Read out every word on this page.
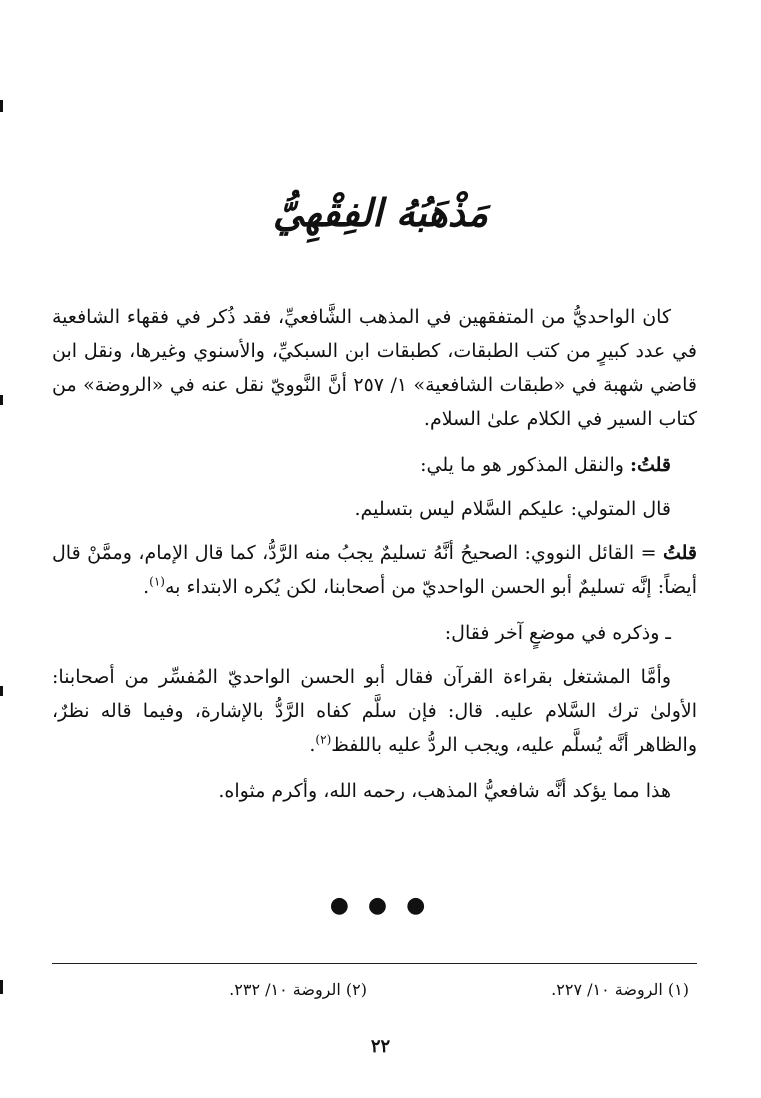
مَذْهَبُهُ الفِقْهِيُّ

كان الواحديُّ من المتفقهين في المذهب الشَّافعيِّ، فقد ذُكر في فقهاء الشافعية في عدد كبيرٍ من كتب الطبقات، كطبقات ابن السبكيِّ، والأسنوي وغيرها، ونقل ابن قاضي شهبة في «طبقات الشافعية» ١/ ٢٥٧ أنَّ النَّوويّ نقل عنه في «الروضة» من كتاب السير في الكلام علىٰ السلام.

قلتُ: والنقل المذكور هو ما يلي:

قال المتولي: عليكم السَّلام ليس بتسليم.

قلتُ = القائل النووي: الصحيحُ أنَّهُ تسليمٌ يجبُ منه الرَّدُّ، كما قال الإمام، وممَّنْ قال أيضاً: إنَّه تسليمٌ أبو الحسن الواحديّ من أصحابنا، لكن يُكره الابتداء به$^{(١)}$.

ـ وذكره في موضعٍ آخر فقال:

وأمَّا المشتغل بقراءة القرآن فقال أبو الحسن الواحديّ المُفسِّر من أصحابنا: الأولىٰ ترك السَّلام عليه. قال: فإن سلَّم كفاه الرَّدُّ بالإشارة، وفيما قاله نظرٌ، والظاهر أنَّه يُسلَّم عليه، ويجب الردُّ عليه باللفظ$^{(٢)}$.

هذا مما يؤكد أنَّه شافعيُّ المذهب، رحمه الله، وأكرم مثواه.

● ● ●
(١) الروضة ١٠/ ٢٢٧.
(٢) الروضة ١٠/ ٢٣٢.
٢٢
